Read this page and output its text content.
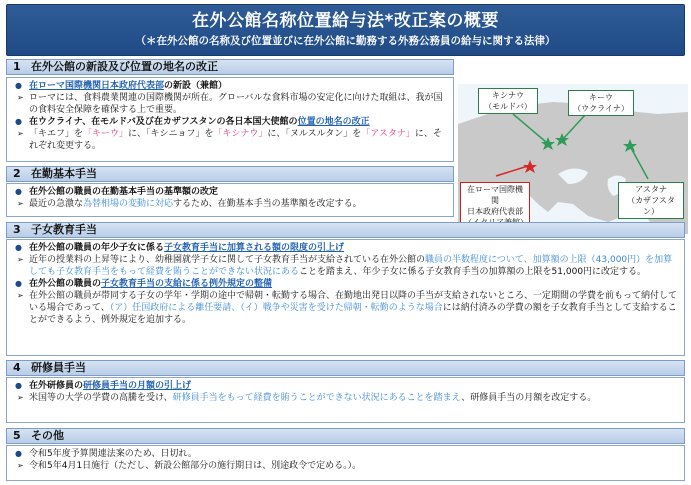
在外公館名称位置給与法*改正案の概要
（＊在外公館の名称及び位置並びに在外公館に勤務する外務公務員の給与に関する法律）
1 在外公館の新設及び位置の地名の改正
● 在ローマ国際機関日本政府代表部の新設（兼館）
➢ ローマには、食料農業関連の国際機関が所在。グローバルな食料市場の安定化に向けた取組は、我が国の食料安全保障を確保する上で重要。
● 在ウクライナ、在モルドバ及び在カザフスタンの各日本国大使館の位置の地名の改正
➢ 「キエフ」を「キーウ」に、「キシニョフ」を「キシナウ」に、「ヌルスルタン」を「アスタナ」に、それぞれ変更する。
キシナウ
（モルドバ）
キーウ
（ウクライナ）
在ローマ国際機関
日本政府代表部
アスタナ
（カザフスタン）
2 在勤基本手当
● 在外公館の職員の在勤基本手当の基準額の改定
➢ 最近の急激な為替相場の変動に対応するため、在勤基本手当の基準額を改定する。
3 子女教育手当
● 在外公館の職員の年少子女に係る子女教育手当に加算される額の限度の引上げ
➢ 近年の授業料の上昇等により、幼稚園就学子女に関して子女教育手当が支給されている在外公館の職員の半数程度について、加算額の上限（43,000円）を加算しても子女教育手当をもって経費を賄うことができない状況にあることを踏まえ、年少子女に係る子女教育手当の加算額の上限を51,000円に改定する。
● 在外公館の職員の子女教育手当の支給に係る例外規定の整備
➢ 在外公館の職員が帯同する子女の学年・学期の途中で帰朝・転勤する場合、在勤地出発日以降の手当が支給されないところ、一定期間の学費を前もって納付している場合であって、（ア）任国政府による離任要請、（イ）戦争や災害を受けた帰朝・転勤のような場合には納付済みの学費の額を子女教育手当として支給することができるよう、例外規定を追加する。
4 研修員手当
● 在外研修員の研修員手当の月額の引上げ
➢ 米国等の大学の学費の高騰を受け、研修員手当をもって経費を賄うことができない状況にあることを踏まえ、研修員手当の月額を改定する。
5 その他
● 令和5年度予算関連法案のため、日切れ。
➢ 令和5年4月1日施行（ただし、新設公館部分の施行期日は、別途政令で定める。）。
